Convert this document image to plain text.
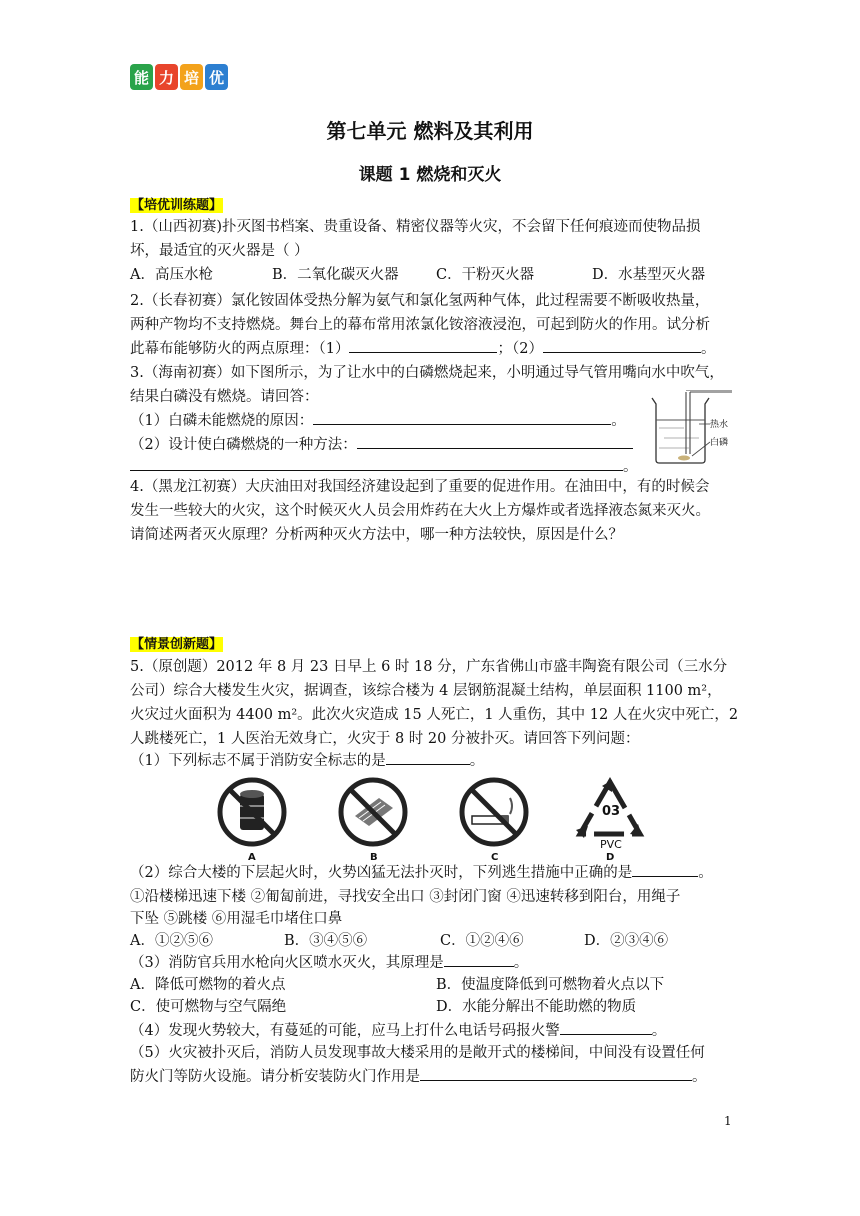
能 力 培 优
第七单元 燃料及其利用
课题 1 燃烧和灭火
【培优训练题】
1.（山西初赛)扑灭图书档案、贵重设备、精密仪器等火灾，不会留下任何痕迹而使物品损
坏，最适宜的灭火器是（ ）
A．高压水枪	B．二氧化碳灭火器	C．干粉灭火器	D．水基型灭火器
2.（长春初赛）氯化铵固体受热分解为氨气和氯化氢两种气体，此过程需要不断吸收热量，
两种产物均不支持燃烧。舞台上的幕布常用浓氯化铵溶液浸泡，可起到防火的作用。试分析
此幕布能够防火的两点原理：（1）	；（2）	。
3.（海南初赛）如下图所示，为了让水中的白磷燃烧起来，小明通过导气管用嘴向水中吹气，
结果白磷没有燃烧。请回答：
（1）白磷未能燃烧的原因：	。
（2）设计使白磷燃烧的一种方法：
。
热水
白磷
4.（黑龙江初赛）大庆油田对我国经济建设起到了重要的促进作用。在油田中，有的时候会
发生一些较大的火灾，这个时候灭火人员会用炸药在大火上方爆炸或者选择液态氮来灭火。
请简述两者灭火原理？分析两种灭火方法中，哪一种方法较快，原因是什么？
【情景创新题】
5.（原创题）2012 年 8 月 23 日早上 6 时 18 分，广东省佛山市盛丰陶瓷有限公司（三水分
公司）综合大楼发生火灾，据调查，该综合楼为 4 层钢筋混凝土结构，单层面积 1100 m²，
火灾过火面积为 4400 m²。此次火灾造成 15 人死亡，1 人重伤，其中 12 人在火灾中死亡，2
人跳楼死亡，1 人医治无效身亡，火灾于 8 时 20 分被扑灭。请回答下列问题：
（1）下列标志不属于消防安全标志的是	。
03
PVC
A	B	C	D
（2）综合大楼的下层起火时，火势凶猛无法扑灭时，下列逃生措施中正确的是	。
①沿楼梯迅速下楼 ②匍匐前进，寻找安全出口 ③封闭门窗 ④迅速转移到阳台，用绳子
下坠 ⑤跳楼 ⑥用湿毛巾堵住口鼻
A．①②⑤⑥	B．③④⑤⑥	C．①②④⑥	D．②③④⑥
（3）消防官兵用水枪向火区喷水灭火，其原理是	。
A．降低可燃物的着火点	B．使温度降低到可燃物着火点以下
C．使可燃物与空气隔绝	D．水能分解出不能助燃的物质
（4）发现火势较大，有蔓延的可能，应马上打什么电话号码报火警	。
（5）火灾被扑灭后，消防人员发现事故大楼采用的是敞开式的楼梯间，中间没有设置任何
防火门等防火设施。请分析安装防火门作用是	。
1
